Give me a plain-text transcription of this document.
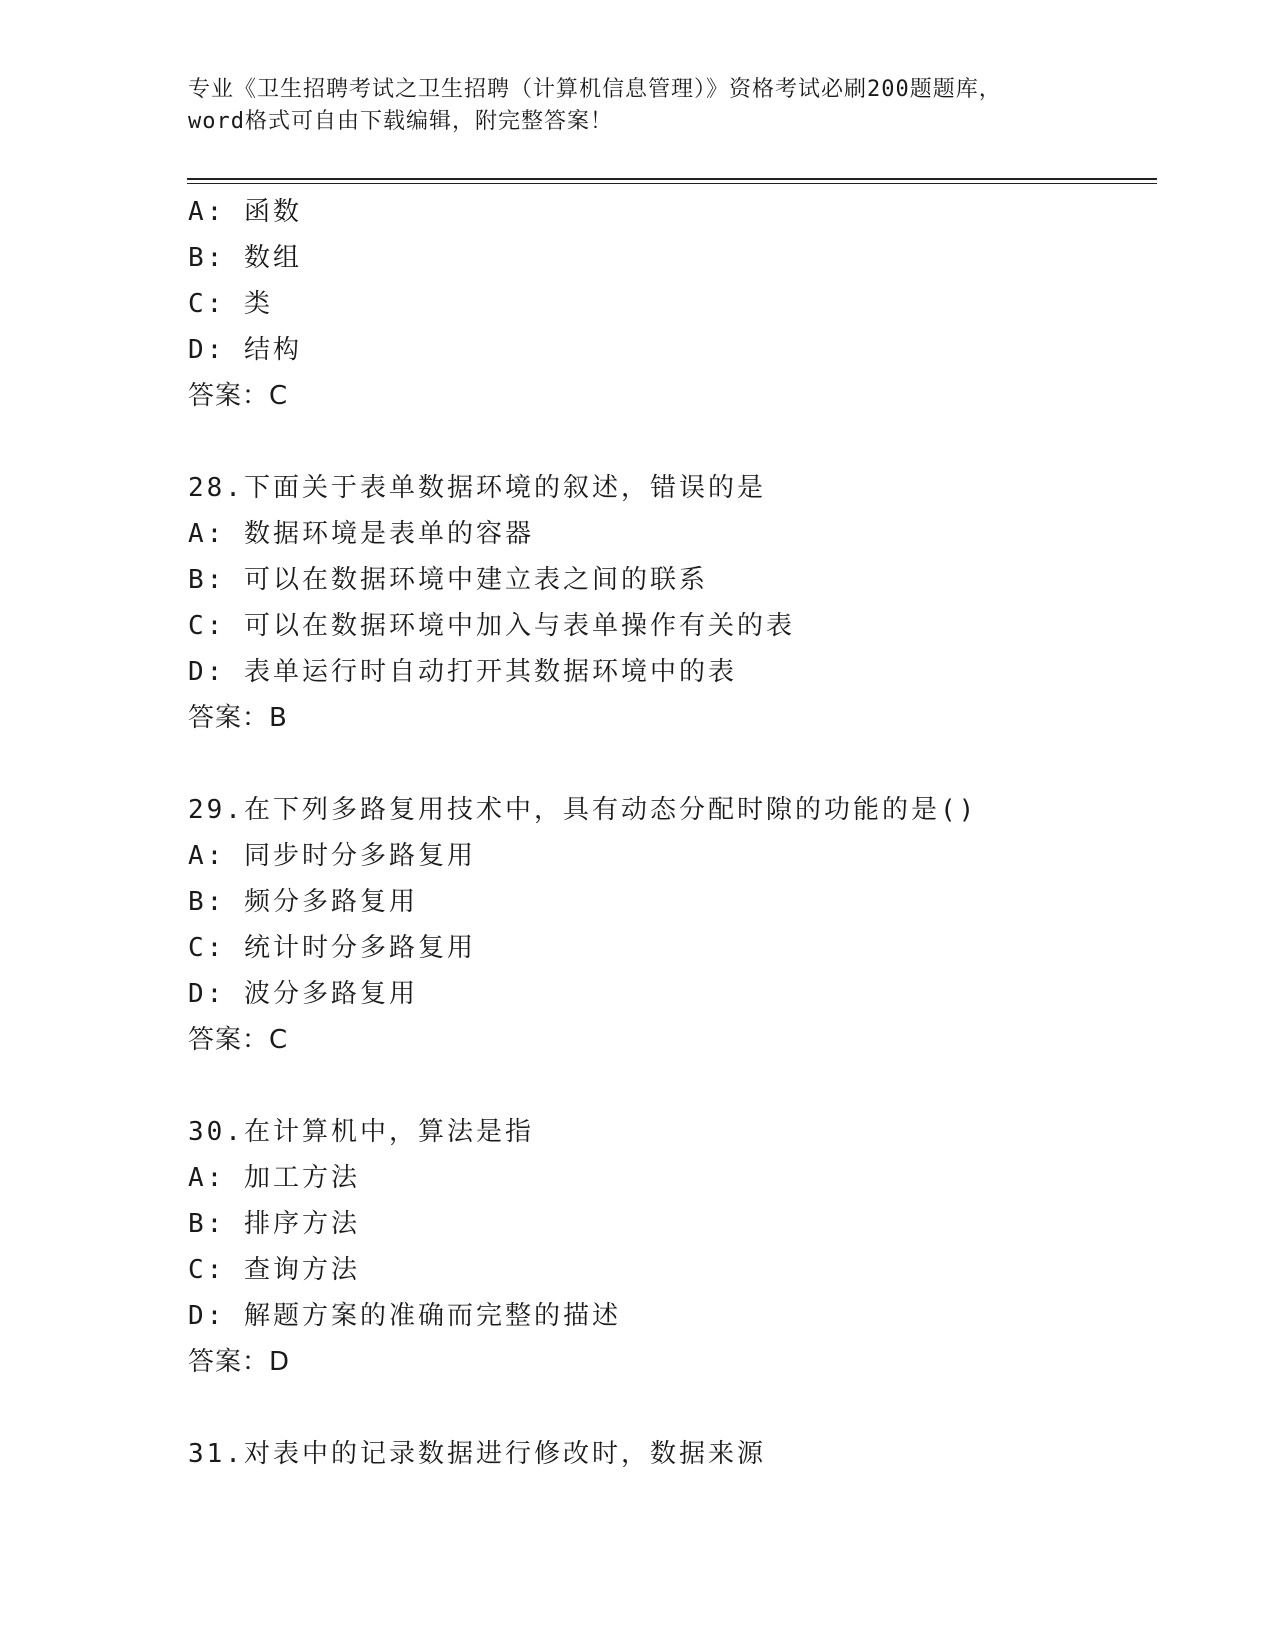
专业《卫生招聘考试之卫生招聘（计算机信息管理）》资格考试必刷200题题库，
word格式可自由下载编辑，附完整答案！
A: 函数
B: 数组
C: 类
D: 结构
答案：C
28.下面关于表单数据环境的叙述，错误的是
A: 数据环境是表单的容器
B: 可以在数据环境中建立表之间的联系
C: 可以在数据环境中加入与表单操作有关的表
D: 表单运行时自动打开其数据环境中的表
答案：B
29.在下列多路复用技术中，具有动态分配时隙的功能的是()
A: 同步时分多路复用
B: 频分多路复用
C: 统计时分多路复用
D: 波分多路复用
答案：C
30.在计算机中，算法是指
A: 加工方法
B: 排序方法
C: 查询方法
D: 解题方案的准确而完整的描述
答案：D
31.对表中的记录数据进行修改时，数据来源
